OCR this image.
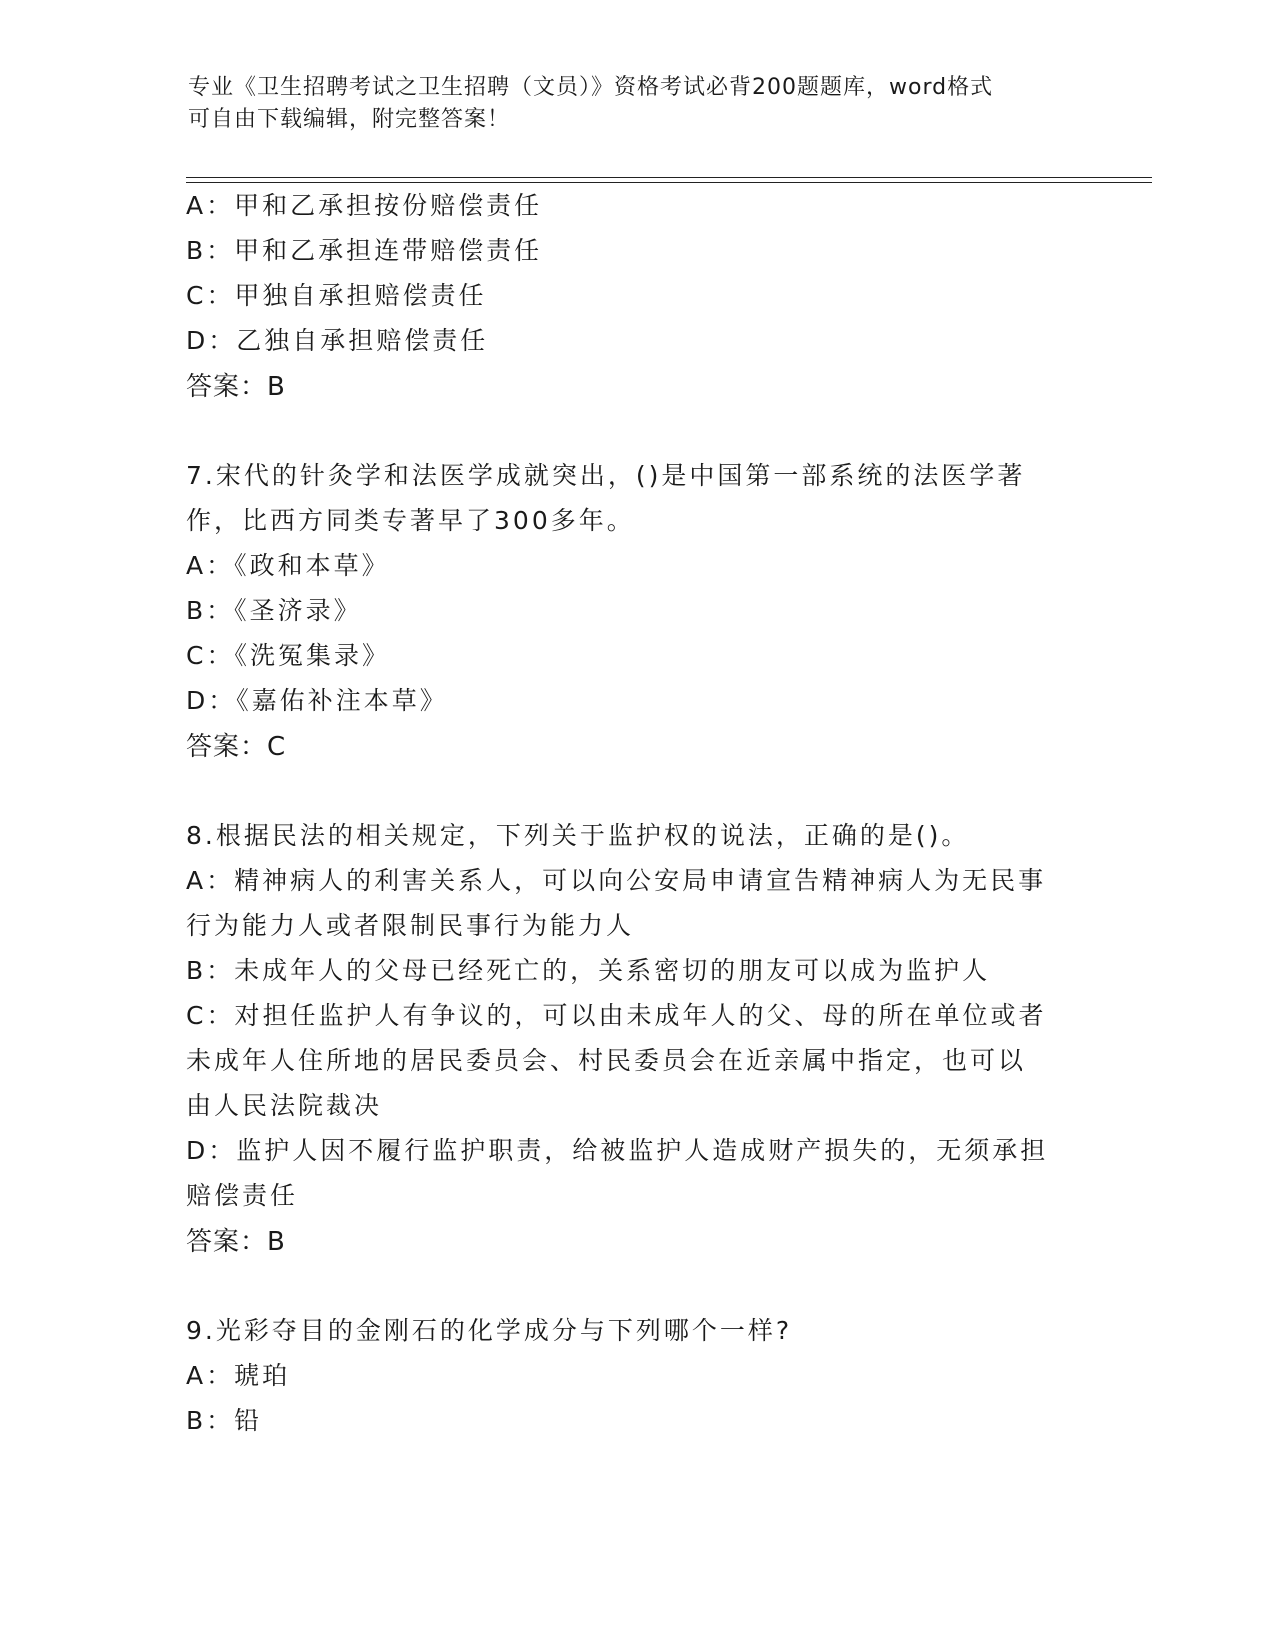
专业《卫生招聘考试之卫生招聘（文员）》资格考试必背200题题库，word格式
可自由下载编辑，附完整答案！
A：甲和乙承担按份赔偿责任
B：甲和乙承担连带赔偿责任
C：甲独自承担赔偿责任
D：乙独自承担赔偿责任
答案：B
7.宋代的针灸学和法医学成就突出，()是中国第一部系统的法医学著
作，比西方同类专著早了300多年。
A：《政和本草》
B：《圣济录》
C：《洗冤集录》
D：《嘉佑补注本草》
答案：C
8.根据民法的相关规定，下列关于监护权的说法，正确的是()。
A：精神病人的利害关系人，可以向公安局申请宣告精神病人为无民事
行为能力人或者限制民事行为能力人
B：未成年人的父母已经死亡的，关系密切的朋友可以成为监护人
C：对担任监护人有争议的，可以由未成年人的父、母的所在单位或者
未成年人住所地的居民委员会、村民委员会在近亲属中指定，也可以
由人民法院裁决
D：监护人因不履行监护职责，给被监护人造成财产损失的，无须承担
赔偿责任
答案：B
9.光彩夺目的金刚石的化学成分与下列哪个一样?
A：琥珀
B：铅
